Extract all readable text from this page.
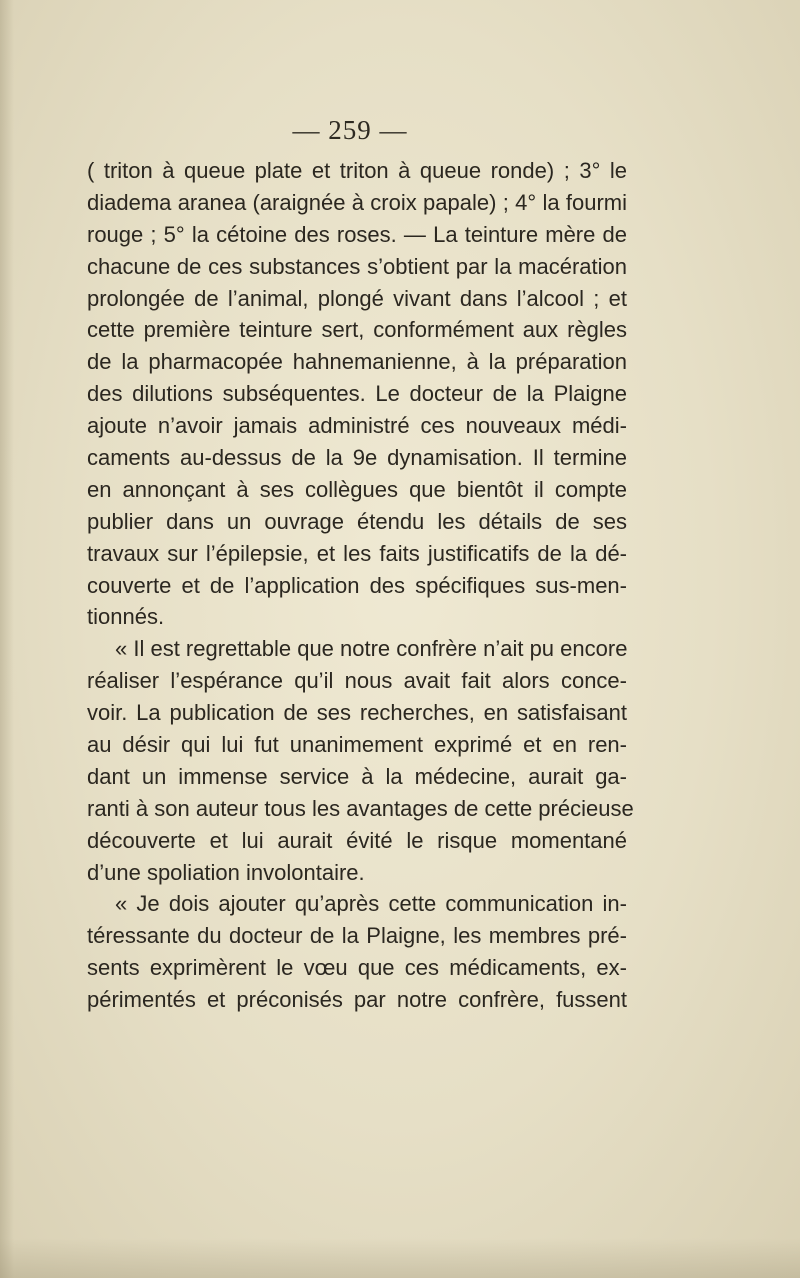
— 259 —
( triton à queue plate et triton à queue ronde) ; 3° le
diadema aranea (araignée à croix papale) ; 4° la fourmi
rouge ; 5° la cétoine des roses. — La teinture mère de
chacune de ces substances s’obtient par la macération
prolongée de l’animal, plongé vivant dans l’alcool ; et
cette première teinture sert, conformément aux règles
de la pharmacopée hahnemanienne, à la préparation
des dilutions subséquentes. Le docteur de la Plaigne
ajoute n’avoir jamais administré ces nouveaux médi-
caments au-dessus de la 9e dynamisation. Il termine
en annonçant à ses collègues que bientôt il compte
publier dans un ouvrage étendu les détails de ses
travaux sur l’épilepsie, et les faits justificatifs de la dé-
couverte et de l’application des spécifiques sus-men-
tionnés.
« Il est regrettable que notre confrère n’ait pu encore
réaliser l’espérance qu’il nous avait fait alors conce-
voir. La publication de ses recherches, en satisfaisant
au désir qui lui fut unanimement exprimé et en ren-
dant un immense service à la médecine, aurait ga-
ranti à son auteur tous les avantages de cette précieuse
découverte et lui aurait évité le risque momentané
d’une spoliation involontaire.
« Je dois ajouter qu’après cette communication in-
téressante du docteur de la Plaigne, les membres pré-
sents exprimèrent le vœu que ces médicaments, ex-
périmentés et préconisés par notre confrère, fussent
